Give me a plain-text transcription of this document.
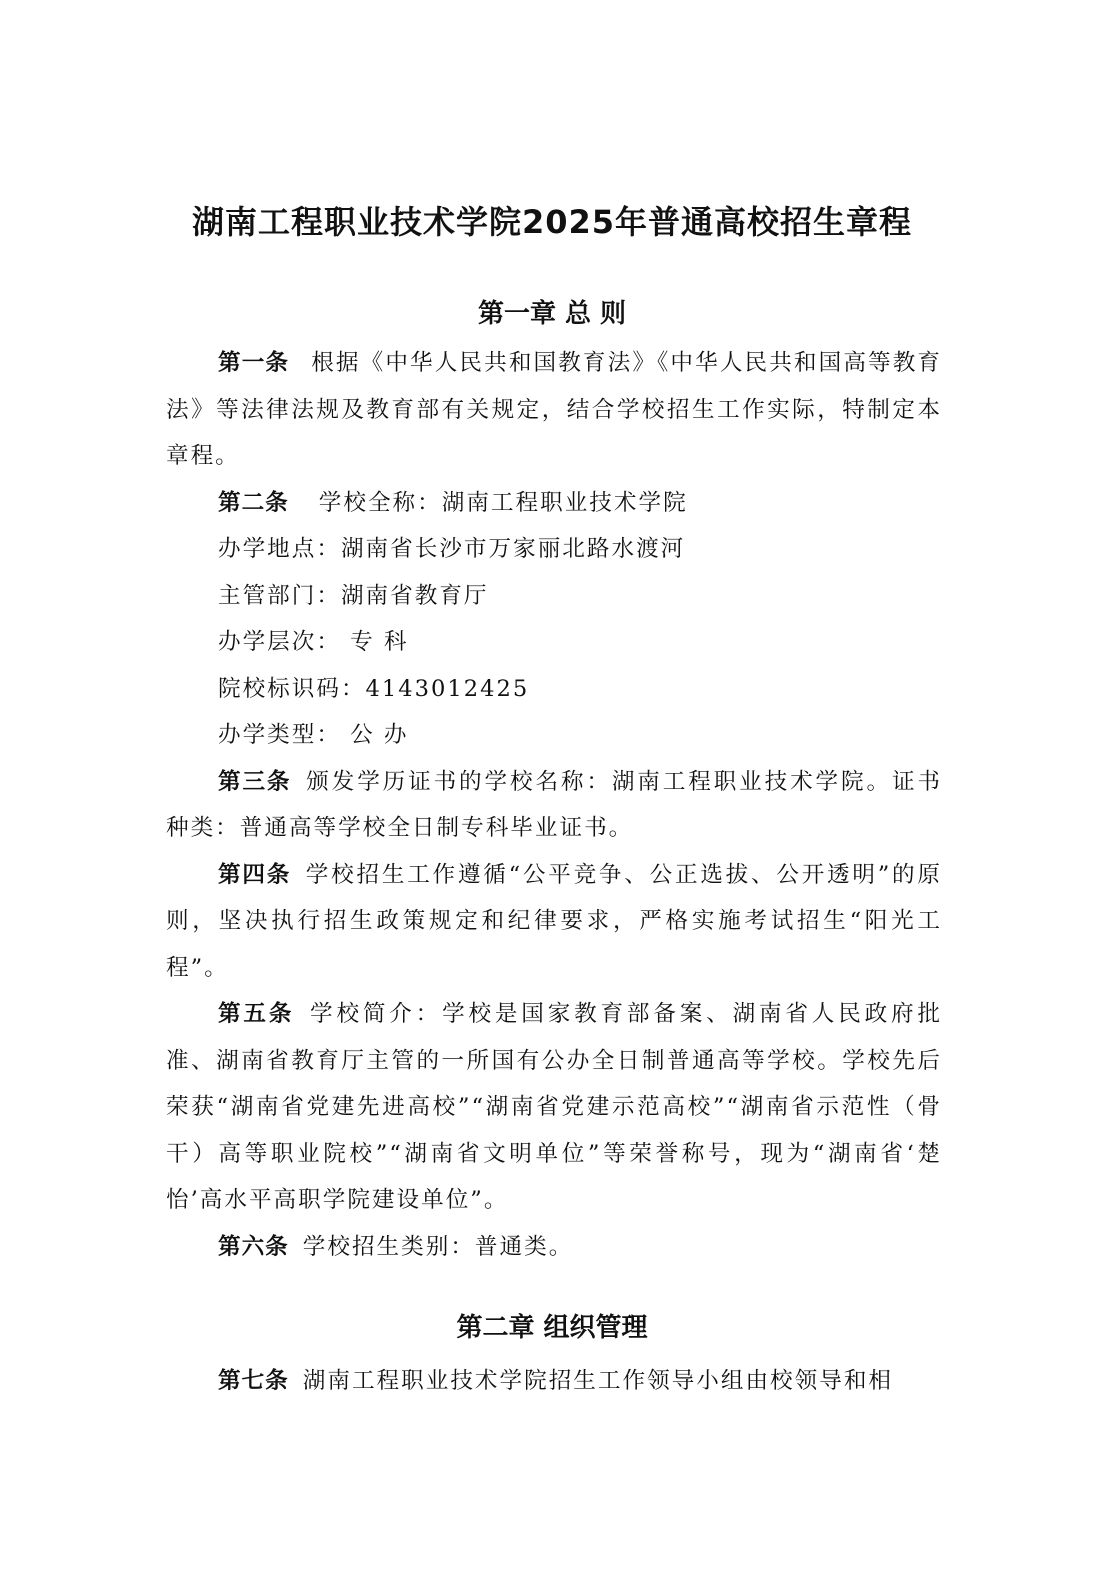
湖南工程职业技术学院2025年普通高校招生章程
第一章 总 则

第一条 根据《中华人民共和国教育法》《中华人民共和国高等教育法》等法律法规及教育部有关规定，结合学校招生工作实际，特制定本章程。

第二条 学校全称：湖南工程职业技术学院

办学地点：湖南省长沙市万家丽北路水渡河

主管部门：湖南省教育厅

办学层次： 专 科

院校标识码：4143012425

办学类型： 公 办

第三条 颁发学历证书的学校名称：湖南工程职业技术学院。证书种类：普通高等学校全日制专科毕业证书。

第四条 学校招生工作遵循“公平竞争、公正选拔、公开透明”的原则，坚决执行招生政策规定和纪律要求，严格实施考试招生“阳光工程”。

第五条 学校简介：学校是国家教育部备案、湖南省人民政府批准、湖南省教育厅主管的一所国有公办全日制普通高等学校。学校先后荣获“湖南省党建先进高校”“湖南省党建示范高校”“湖南省示范性（骨干）高等职业院校”“湖南省文明单位”等荣誉称号，现为“湖南省‘楚怡’高水平高职学院建设单位”。

第六条 学校招生类别：普通类。

第二章 组织管理

第七条 湖南工程职业技术学院招生工作领导小组由校领导和相
